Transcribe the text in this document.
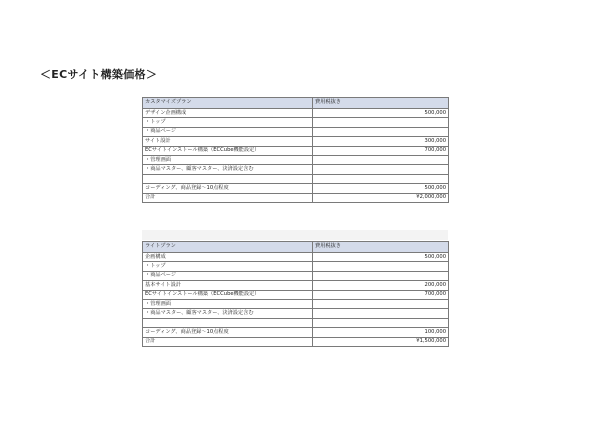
＜ECサイト構築価格＞
カスタマイズプラン	費用税抜き
デザイン企画構成	500,000
・トップ	
・商品ページ	
サイト設計	300,000
ECサイトインストール構築（ECCube機能設定）	700,000
・管理画面	
・商品マスター、顧客マスター、決済設定含む	

コーディング、商品登録～10点程度	500,000
合計	¥2,000,000
ライトプラン	費用税抜き
企画構成	500,000
・トップ	
・商品ページ	
基本サイト設計	200,000
ECサイトインストール構築（ECCube機能設定）	700,000
・管理画面	
・商品マスター、顧客マスター、決済設定含む	

コーディング、商品登録～10点程度	100,000
合計	¥1,500,000
